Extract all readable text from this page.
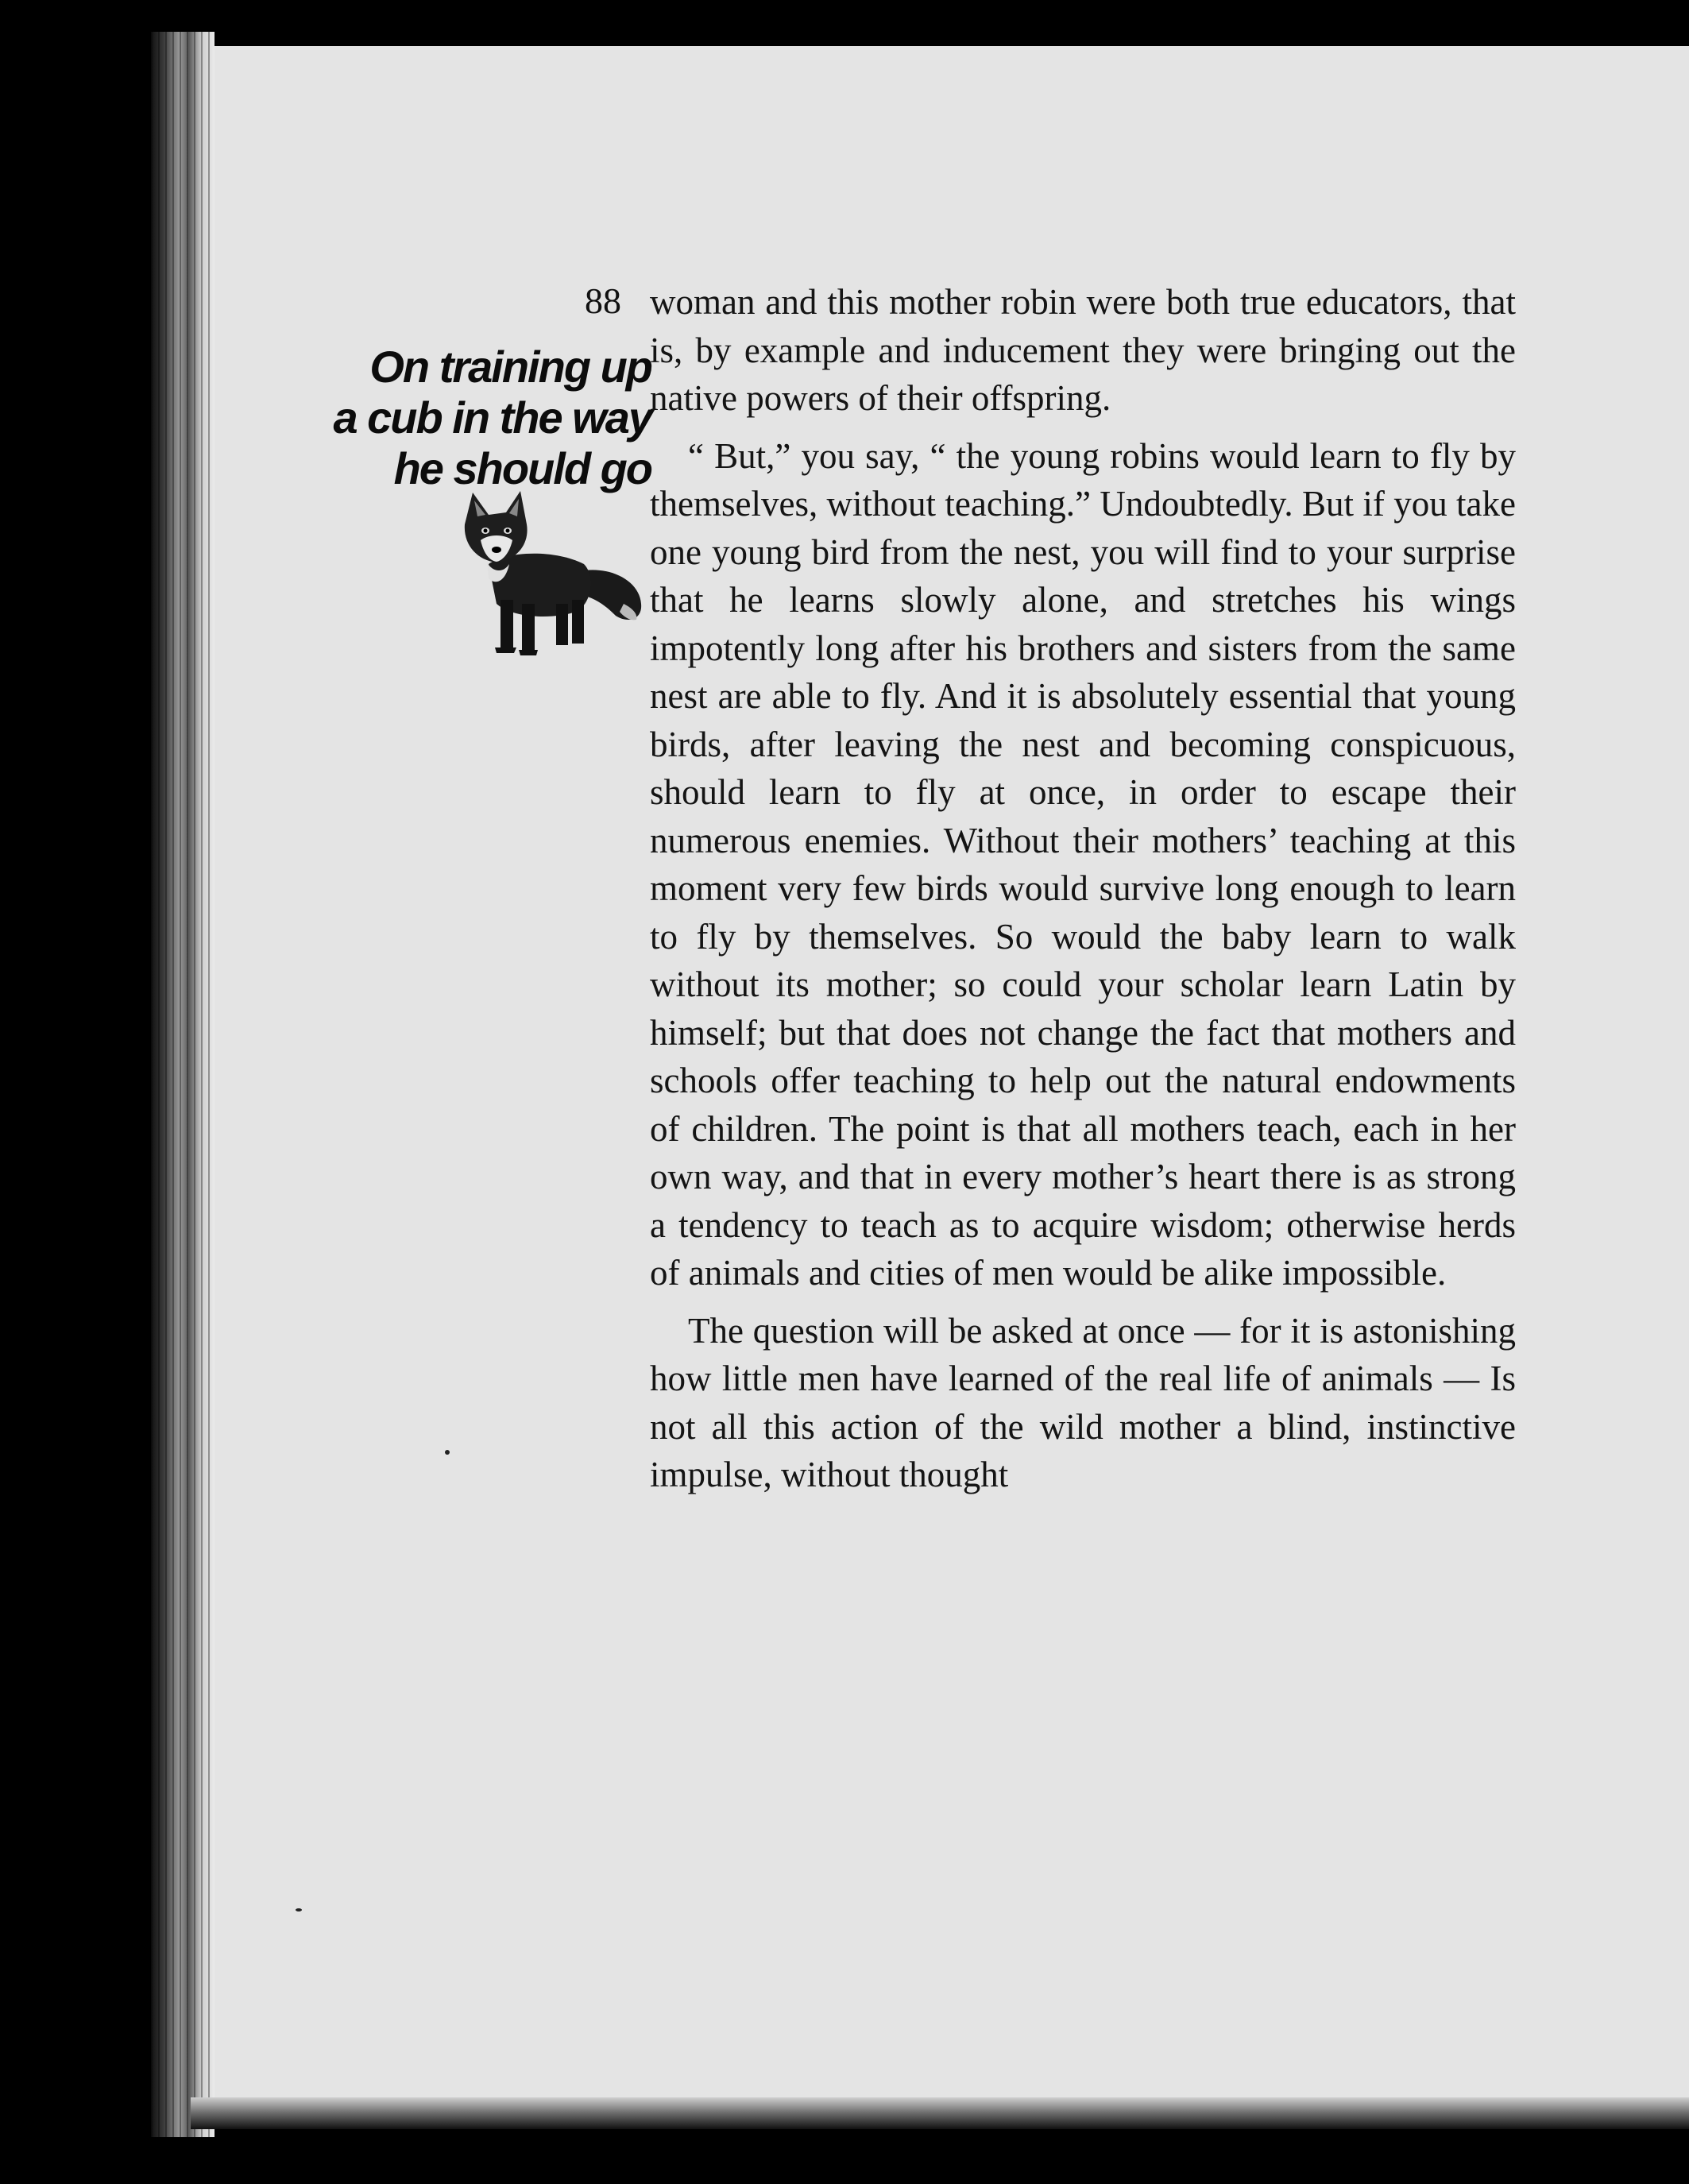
88
On training up
a cub in the way
he should go

woman and this mother robin were both true educators, that is, by example and inducement they were bringing out the native powers of their offspring.

“ But,” you say, “ the young robins would learn to fly by themselves, without teaching.” Undoubtedly. But if you take one young bird from the nest, you will find to your surprise that he learns slowly alone, and stretches his wings impotently long after his brothers and sisters from the same nest are able to fly. And it is absolutely essential that young birds, after leaving the nest and becoming conspicuous, should learn to fly at once, in order to escape their numerous enemies. Without their mothers’ teaching at this moment very few birds would survive long enough to learn to fly by themselves. So would the baby learn to walk without its mother; so could your scholar learn Latin by himself; but that does not change the fact that mothers and schools offer teaching to help out the natural endowments of children. The point is that all mothers teach, each in her own way, and that in every mother’s heart there is as strong a tendency to teach as to acquire wisdom; otherwise herds of animals and cities of men would be alike impossible.

The question will be asked at once — for it is astonishing how little men have learned of the real life of animals — Is not all this action of the wild mother a blind, instinctive impulse, without thought
